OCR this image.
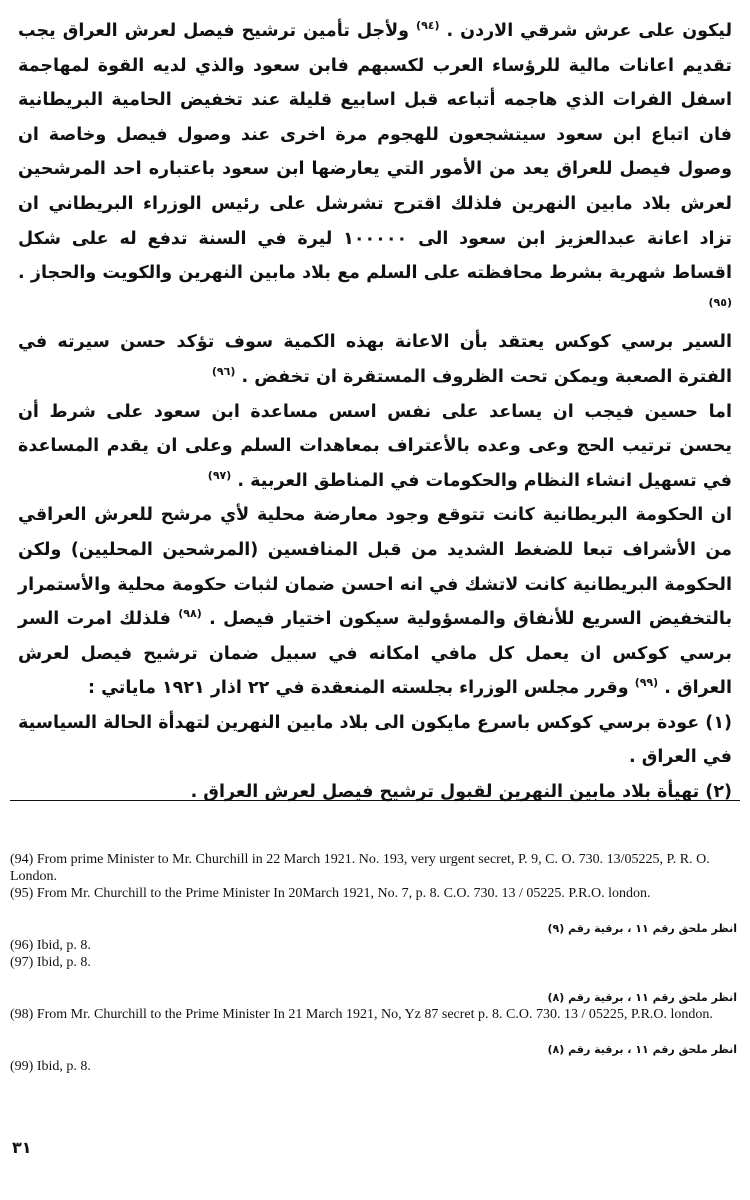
ليكون على عرش شرقي الاردن . $^{(٩٤)}$ ولأجل تأمين ترشيح فيصل لعرش العراق يجب تقديم اعانات مالية للرؤساء العرب لكسبهم فابن سعود والذي لديه القوة لمهاجمة اسفل الفرات الذي هاجمه أتباعه قبل اسابيع قليلة عند تخفيض الحامية البريطانية فان اتباع ابن سعود سيتشجعون للهجوم مرة اخرى عند وصول فيصل وخاصة ان وصول فيصل للعراق يعد من الأمور التي يعارضها ابن سعود باعتباره احد المرشحين لعرش بلاد مابين النهرين فلذلك اقترح تشرشل على رئيس الوزراء البريطاني ان تزاد اعانة عبدالعزيز ابن سعود الى ١٠٠٠٠٠ ليرة في السنة تدفع له على شكل اقساط شهرية بشرط محافظته على السلم مع بلاد مابين النهرين والكويت والحجاز . $^{(٩٥)}$

السير برسي كوكس يعتقد بأن الاعانة بهذه الكمية سوف تؤكد حسن سيرته في الفترة الصعبة ويمكن تحت الظروف المستقرة ان تخفض . $^{(٩٦)}$

اما حسين فيجب ان يساعد على نفس اسس مساعدة ابن سعود على شرط أن يحسن ترتيب الحج وعى وعده بالأعتراف بمعاهدات السلم وعلى ان يقدم المساعدة في تسهيل انشاء النظام والحكومات في المناطق العربية . $^{(٩٧)}$

ان الحكومة البريطانية كانت تتوقع وجود معارضة محلية لأي مرشح للعرش العراقي من الأشراف تبعا للضغط الشديد من قبل المنافسين (المرشحين المحليين) ولكن الحكومة البريطانية كانت لاتشك في انه احسن ضمان لثبات حكومة محلية والأستمرار بالتخفيض السريع للأنفاق والمسؤولية سيكون اختيار فيصل . $^{(٩٨)}$ فلذلك امرت السر برسي كوكس ان يعمل كل مافي امكانه في سبيل ضمان ترشيح فيصل لعرش العراق . $^{(٩٩)}$ وقرر مجلس الوزراء بجلسته المنعقدة في ٢٢ اذار ١٩٢١ ماياتي :

(١) عودة برسي كوكس باسرع مايكون الى بلاد مابين النهرين لتهدأة الحالة السياسية في العراق .

(٢) تهيأة بلاد مابين النهرين لقبول ترشيح فيصل لعرش العراق .

(94) From prime Minister to Mr. Churchill in 22 March 1921. No. 193, very urgent secret, P. 9, C. O. 730. 13/05225, P. R. O. London.

(95) From Mr. Churchill to the Prime Minister In 20March 1921, No. 7, p. 8. C.O. 730. 13 / 05225. P.R.O. london.

انظر ملحق رقم ١١ ، برقية رقم (٩)

(96) Ibid, p. 8.

(97) Ibid, p. 8.

انظر ملحق رقم ١١ ، برقية رقم (٨)

(98) From Mr. Churchill to the Prime Minister In 21 March 1921, No, Yz 87 secret p. 8. C.O. 730. 13 / 05225, P.R.O. london.

انظر ملحق رقم ١١ ، برقية رقم (٨)

(99) Ibid, p. 8.

٣١
